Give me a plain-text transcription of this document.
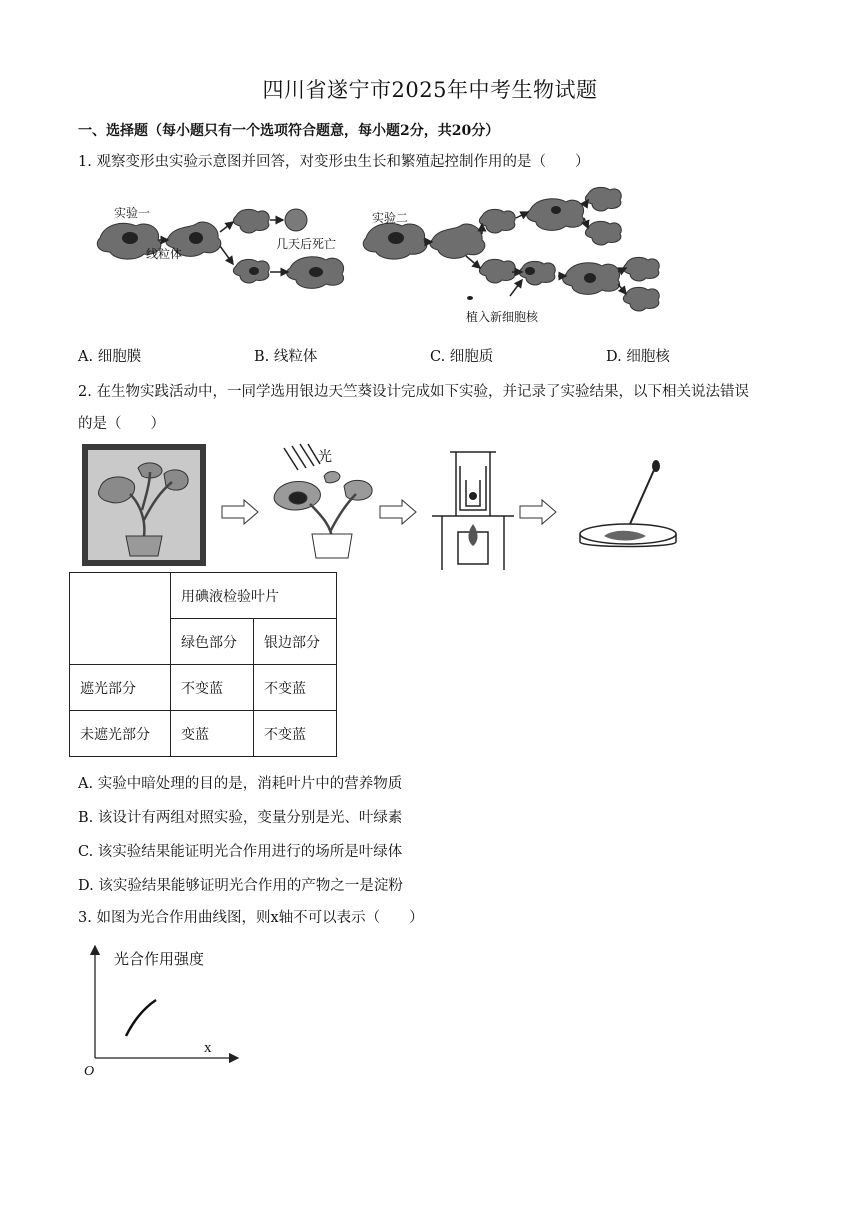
四川省遂宁市2025年中考生物试题
一、选择题（每小题只有一个选项符合题意，每小题2分，共20分）
1. 观察变形虫实验示意图并回答，对变形虫生长和繁殖起控制作用的是（　　）
实验一
线粒体
几天后死亡
实验二
植入新细胞核
A. 细胞膜	B. 线粒体	C. 细胞质	D. 细胞核
2. 在生物实践活动中，一同学选用银边天竺葵设计完成如下实验，并记录了实验结果，以下相关说法错误
的是（　　）
光
	用碘液检验叶片	
	绿色部分	银边部分
遮光部分	不变蓝	不变蓝
未遮光部分	变蓝	不变蓝
A. 实验中暗处理的目的是，消耗叶片中的营养物质
B. 该设计有两组对照实验，变量分别是光、叶绿素
C. 该实验结果能证明光合作用进行的场所是叶绿体
D. 该实验结果能够证明光合作用的产物之一是淀粉
3. 如图为光合作用曲线图，则x轴不可以表示（　　）
光合作用强度
x
O
